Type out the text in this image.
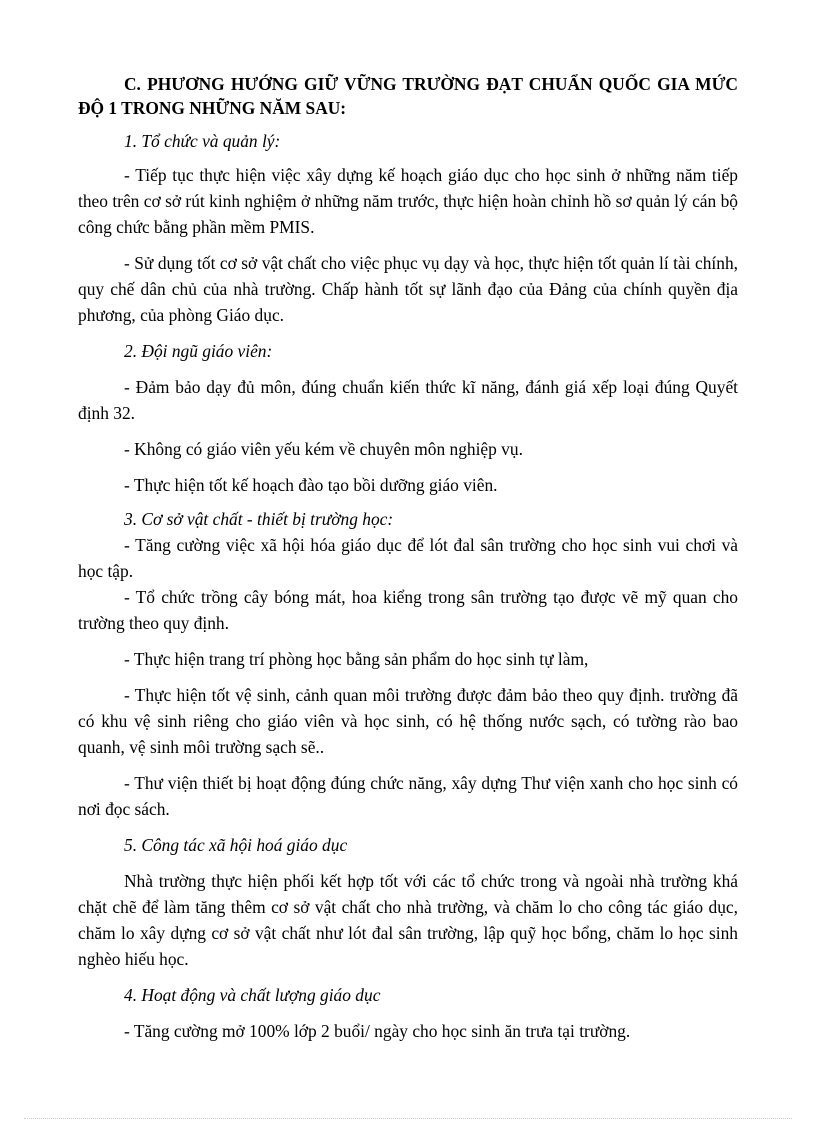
C. PHƯƠNG HƯỚNG GIỮ VỮNG TRƯỜNG ĐẠT CHUẨN QUỐC GIA MỨC ĐỘ 1 TRONG NHỮNG NĂM SAU:

1. Tổ chức và quản lý:

- Tiếp tục thực hiện việc xây dựng kế hoạch giáo dục cho học sinh ở những năm tiếp theo trên cơ sở rút kinh nghiệm ở những năm trước, thực hiện hoàn chỉnh hồ sơ quản lý cán bộ công chức bằng phần mềm PMIS.

- Sử dụng tốt cơ sở vật chất cho việc phục vụ dạy và học, thực hiện tốt quản lí tài chính, quy chế dân chủ của nhà trường. Chấp hành tốt sự lãnh đạo của Đảng của chính quyền địa phương, của phòng Giáo dục.

2. Đội ngũ giáo viên:

- Đảm bảo dạy đủ môn, đúng chuẩn kiến thức kĩ năng, đánh giá xếp loại đúng Quyết định 32.

- Không có giáo viên yếu kém về chuyên môn nghiệp vụ.

- Thực hiện tốt kế hoạch đào tạo bồi dưỡng giáo viên.

3. Cơ sở vật chất - thiết bị trường học:

- Tăng cường việc xã hội hóa giáo dục để lót đal sân trường cho học sinh vui chơi và học tập.

- Tổ chức trồng cây bóng mát, hoa kiểng trong sân trường tạo được vẽ mỹ quan cho trường theo quy định.

- Thực hiện trang trí phòng học bằng sản phẩm do học sinh tự làm,

- Thực hiện tốt vệ sinh, cảnh quan môi trường được đảm bảo theo quy định. trường đã có khu vệ sinh riêng cho giáo viên và học sinh, có hệ thống nước sạch, có tường rào bao quanh, vệ sinh môi trường sạch sẽ..

- Thư viện thiết bị hoạt động đúng chức năng, xây dựng Thư viện xanh cho học sinh có nơi đọc sách.

5. Công tác xã hội hoá giáo dục

Nhà trường thực hiện phối kết hợp tốt với các tổ chức trong và ngoài nhà trường khá chặt chẽ để làm tăng thêm cơ sở vật chất cho nhà trường, và chăm lo cho công tác giáo dục, chăm lo xây dựng cơ sở vật chất như lót đal sân trường, lập quỹ học bổng, chăm lo học sinh nghèo hiếu học.

4. Hoạt động và chất lượng giáo dục

- Tăng cường mở 100% lớp 2 buổi/ ngày cho học sinh ăn trưa tại trường.
